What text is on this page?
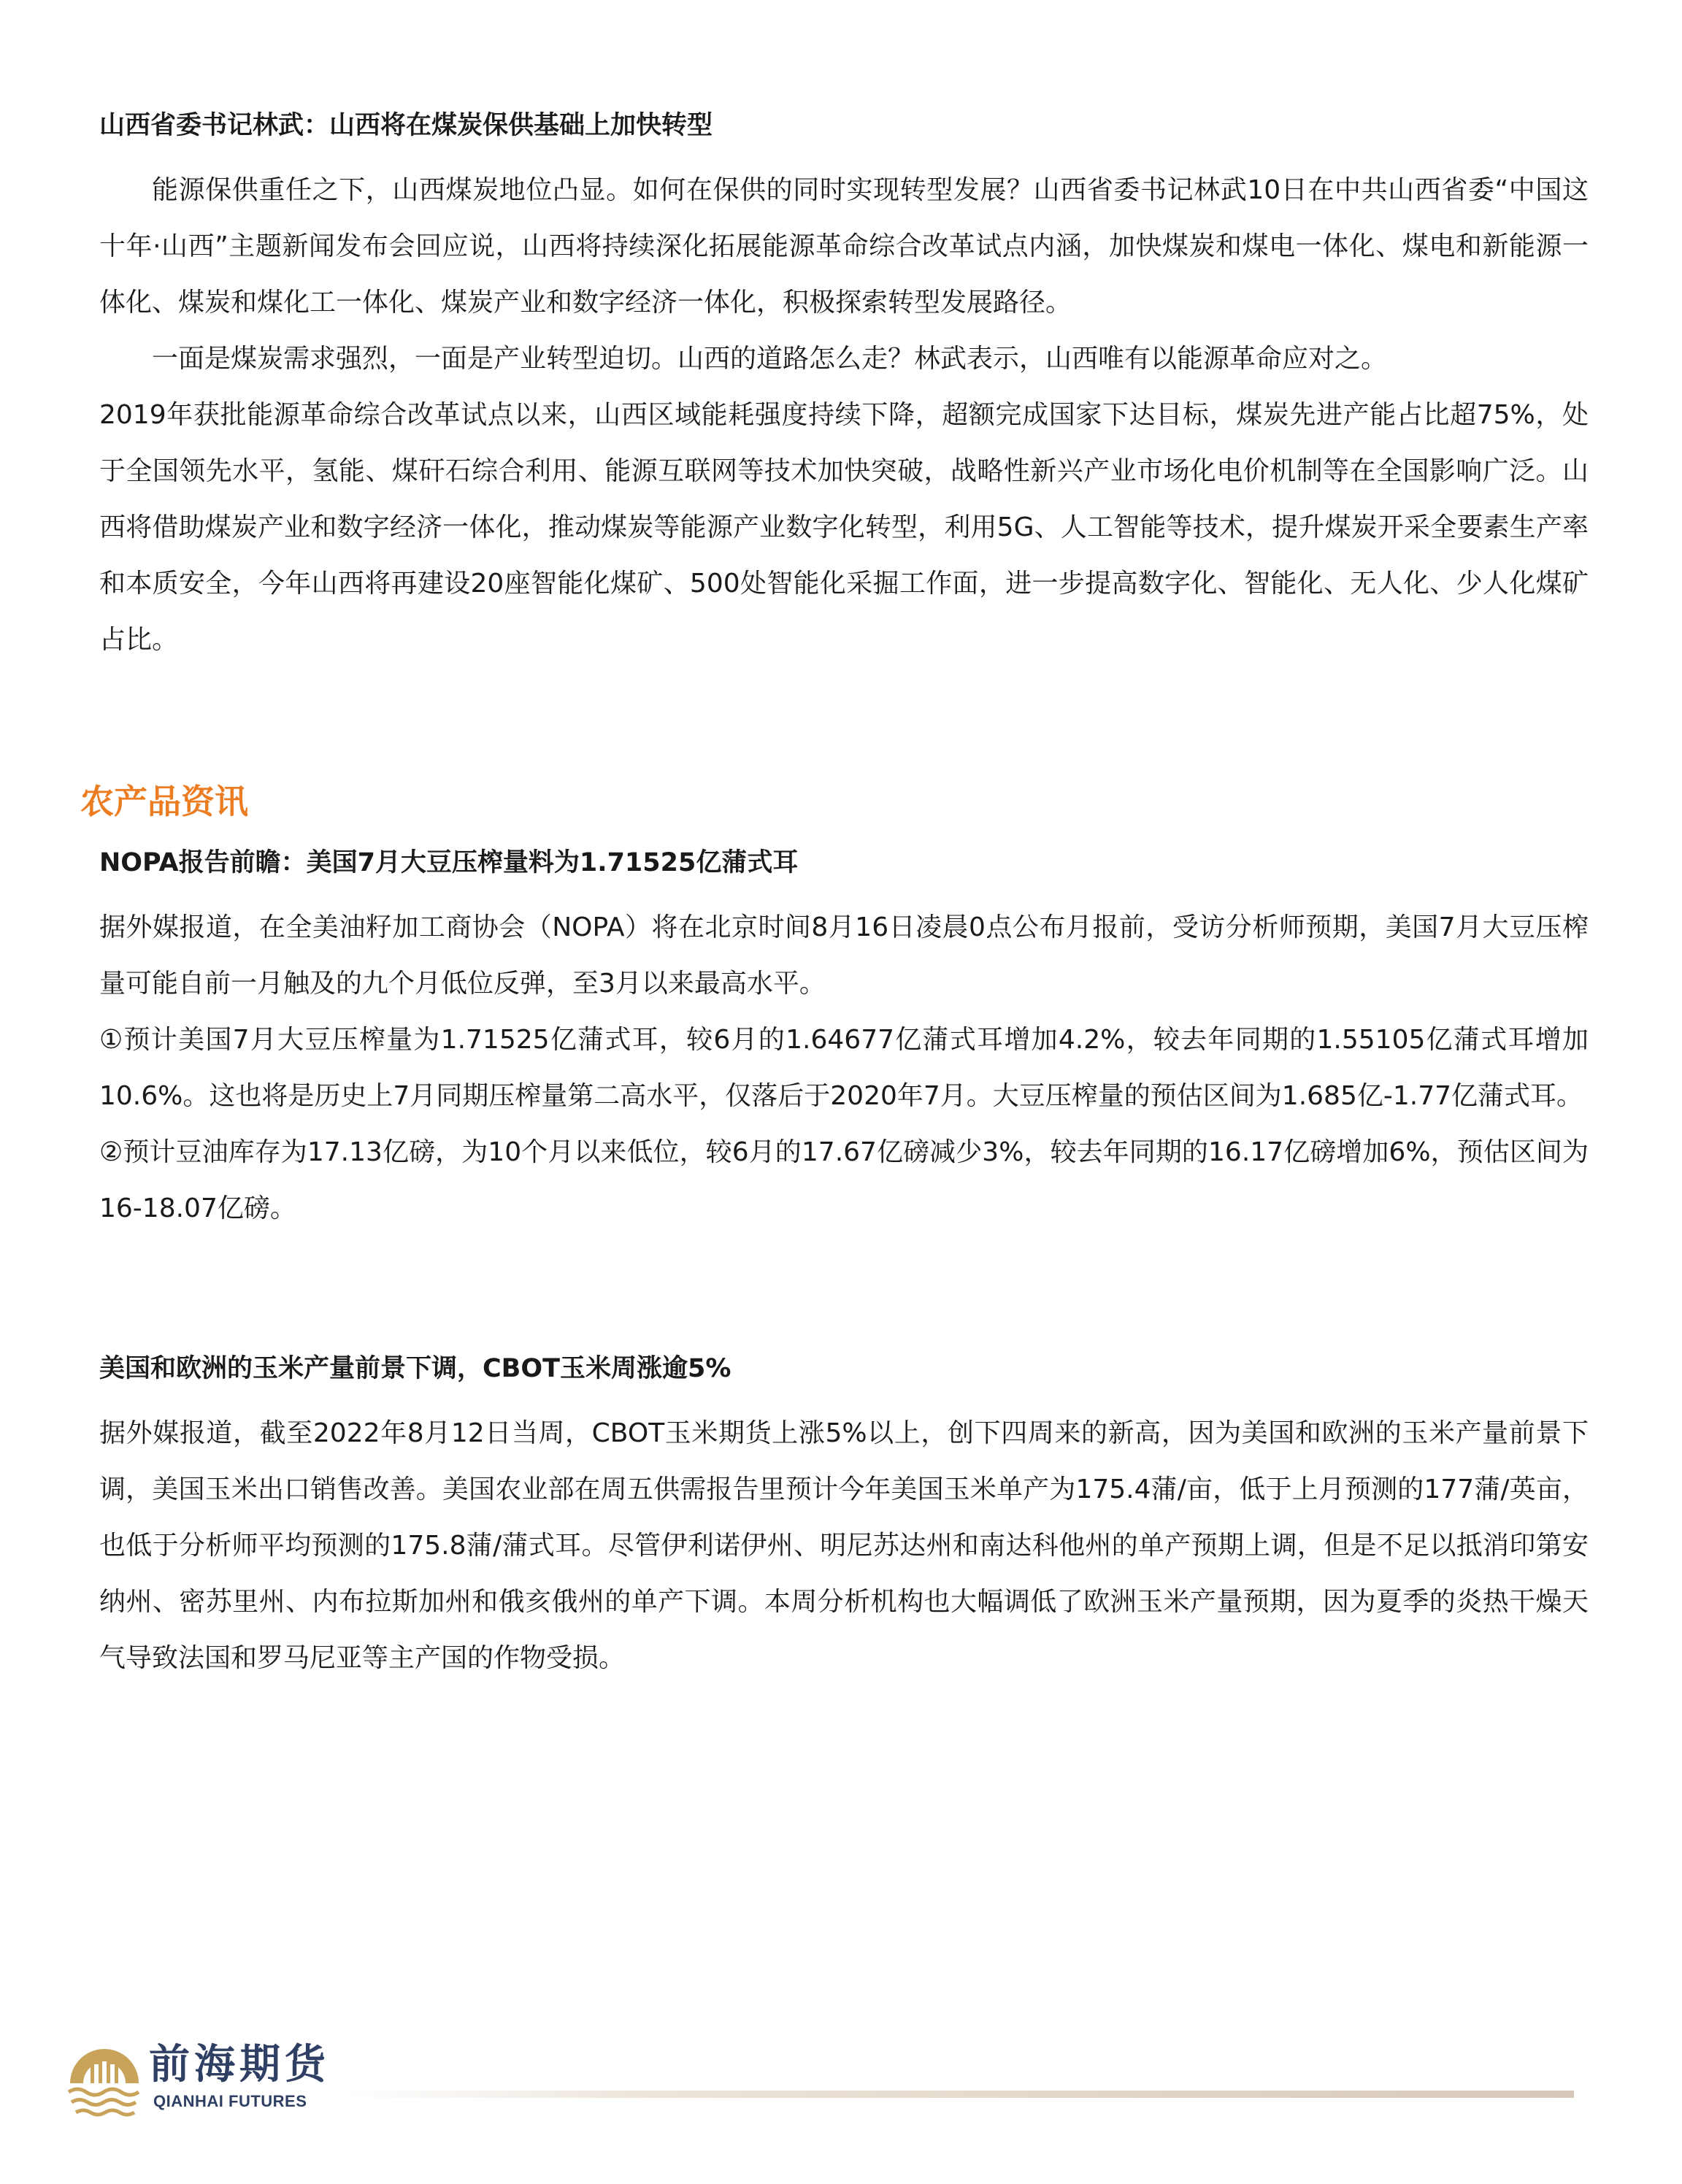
山西省委书记林武：山西将在煤炭保供基础上加快转型

能源保供重任之下，山西煤炭地位凸显。如何在保供的同时实现转型发展？山西省委书记林武10日在中共山西省委“中国这十年·山西”主题新闻发布会回应说，山西将持续深化拓展能源革命综合改革试点内涵，加快煤炭和煤电一体化、煤电和新能源一体化、煤炭和煤化工一体化、煤炭产业和数字经济一体化，积极探索转型发展路径。

一面是煤炭需求强烈，一面是产业转型迫切。山西的道路怎么走？林武表示，山西唯有以能源革命应对之。

2019年获批能源革命综合改革试点以来，山西区域能耗强度持续下降，超额完成国家下达目标，煤炭先进产能占比超75%，处于全国领先水平，氢能、煤矸石综合利用、能源互联网等技术加快突破，战略性新兴产业市场化电价机制等在全国影响广泛。山西将借助煤炭产业和数字经济一体化，推动煤炭等能源产业数字化转型，利用5G、人工智能等技术，提升煤炭开采全要素生产率和本质安全，今年山西将再建设20座智能化煤矿、500处智能化采掘工作面，进一步提高数字化、智能化、无人化、少人化煤矿占比。

农产品资讯
NOPA报告前瞻：美国7月大豆压榨量料为1.71525亿蒲式耳

据外媒报道，在全美油籽加工商协会（NOPA）将在北京时间8月16日凌晨0点公布月报前，受访分析师预期，美国7月大豆压榨量可能自前一月触及的九个月低位反弹，至3月以来最高水平。

①预计美国7月大豆压榨量为1.71525亿蒲式耳，较6月的1.64677亿蒲式耳增加4.2%，较去年同期的1.55105亿蒲式耳增加10.6%。这也将是历史上7月同期压榨量第二高水平，仅落后于2020年7月。大豆压榨量的预估区间为1.685亿-1.77亿蒲式耳。

②预计豆油库存为17.13亿磅，为10个月以来低位，较6月的17.67亿磅减少3%，较去年同期的16.17亿磅增加6%，预估区间为16-18.07亿磅。

美国和欧洲的玉米产量前景下调，CBOT玉米周涨逾5%

据外媒报道，截至2022年8月12日当周，CBOT玉米期货上涨5%以上，创下四周来的新高，因为美国和欧洲的玉米产量前景下调，美国玉米出口销售改善。美国农业部在周五供需报告里预计今年美国玉米单产为175.4蒲/亩，低于上月预测的177蒲/英亩，也低于分析师平均预测的175.8蒲/蒲式耳。尽管伊利诺伊州、明尼苏达州和南达科他州的单产预期上调，但是不足以抵消印第安纳州、密苏里州、内布拉斯加州和俄亥俄州的单产下调。本周分析机构也大幅调低了欧洲玉米产量预期，因为夏季的炎热干燥天气导致法国和罗马尼亚等主产国的作物受损。

前海期货
QIANHAI FUTURES
